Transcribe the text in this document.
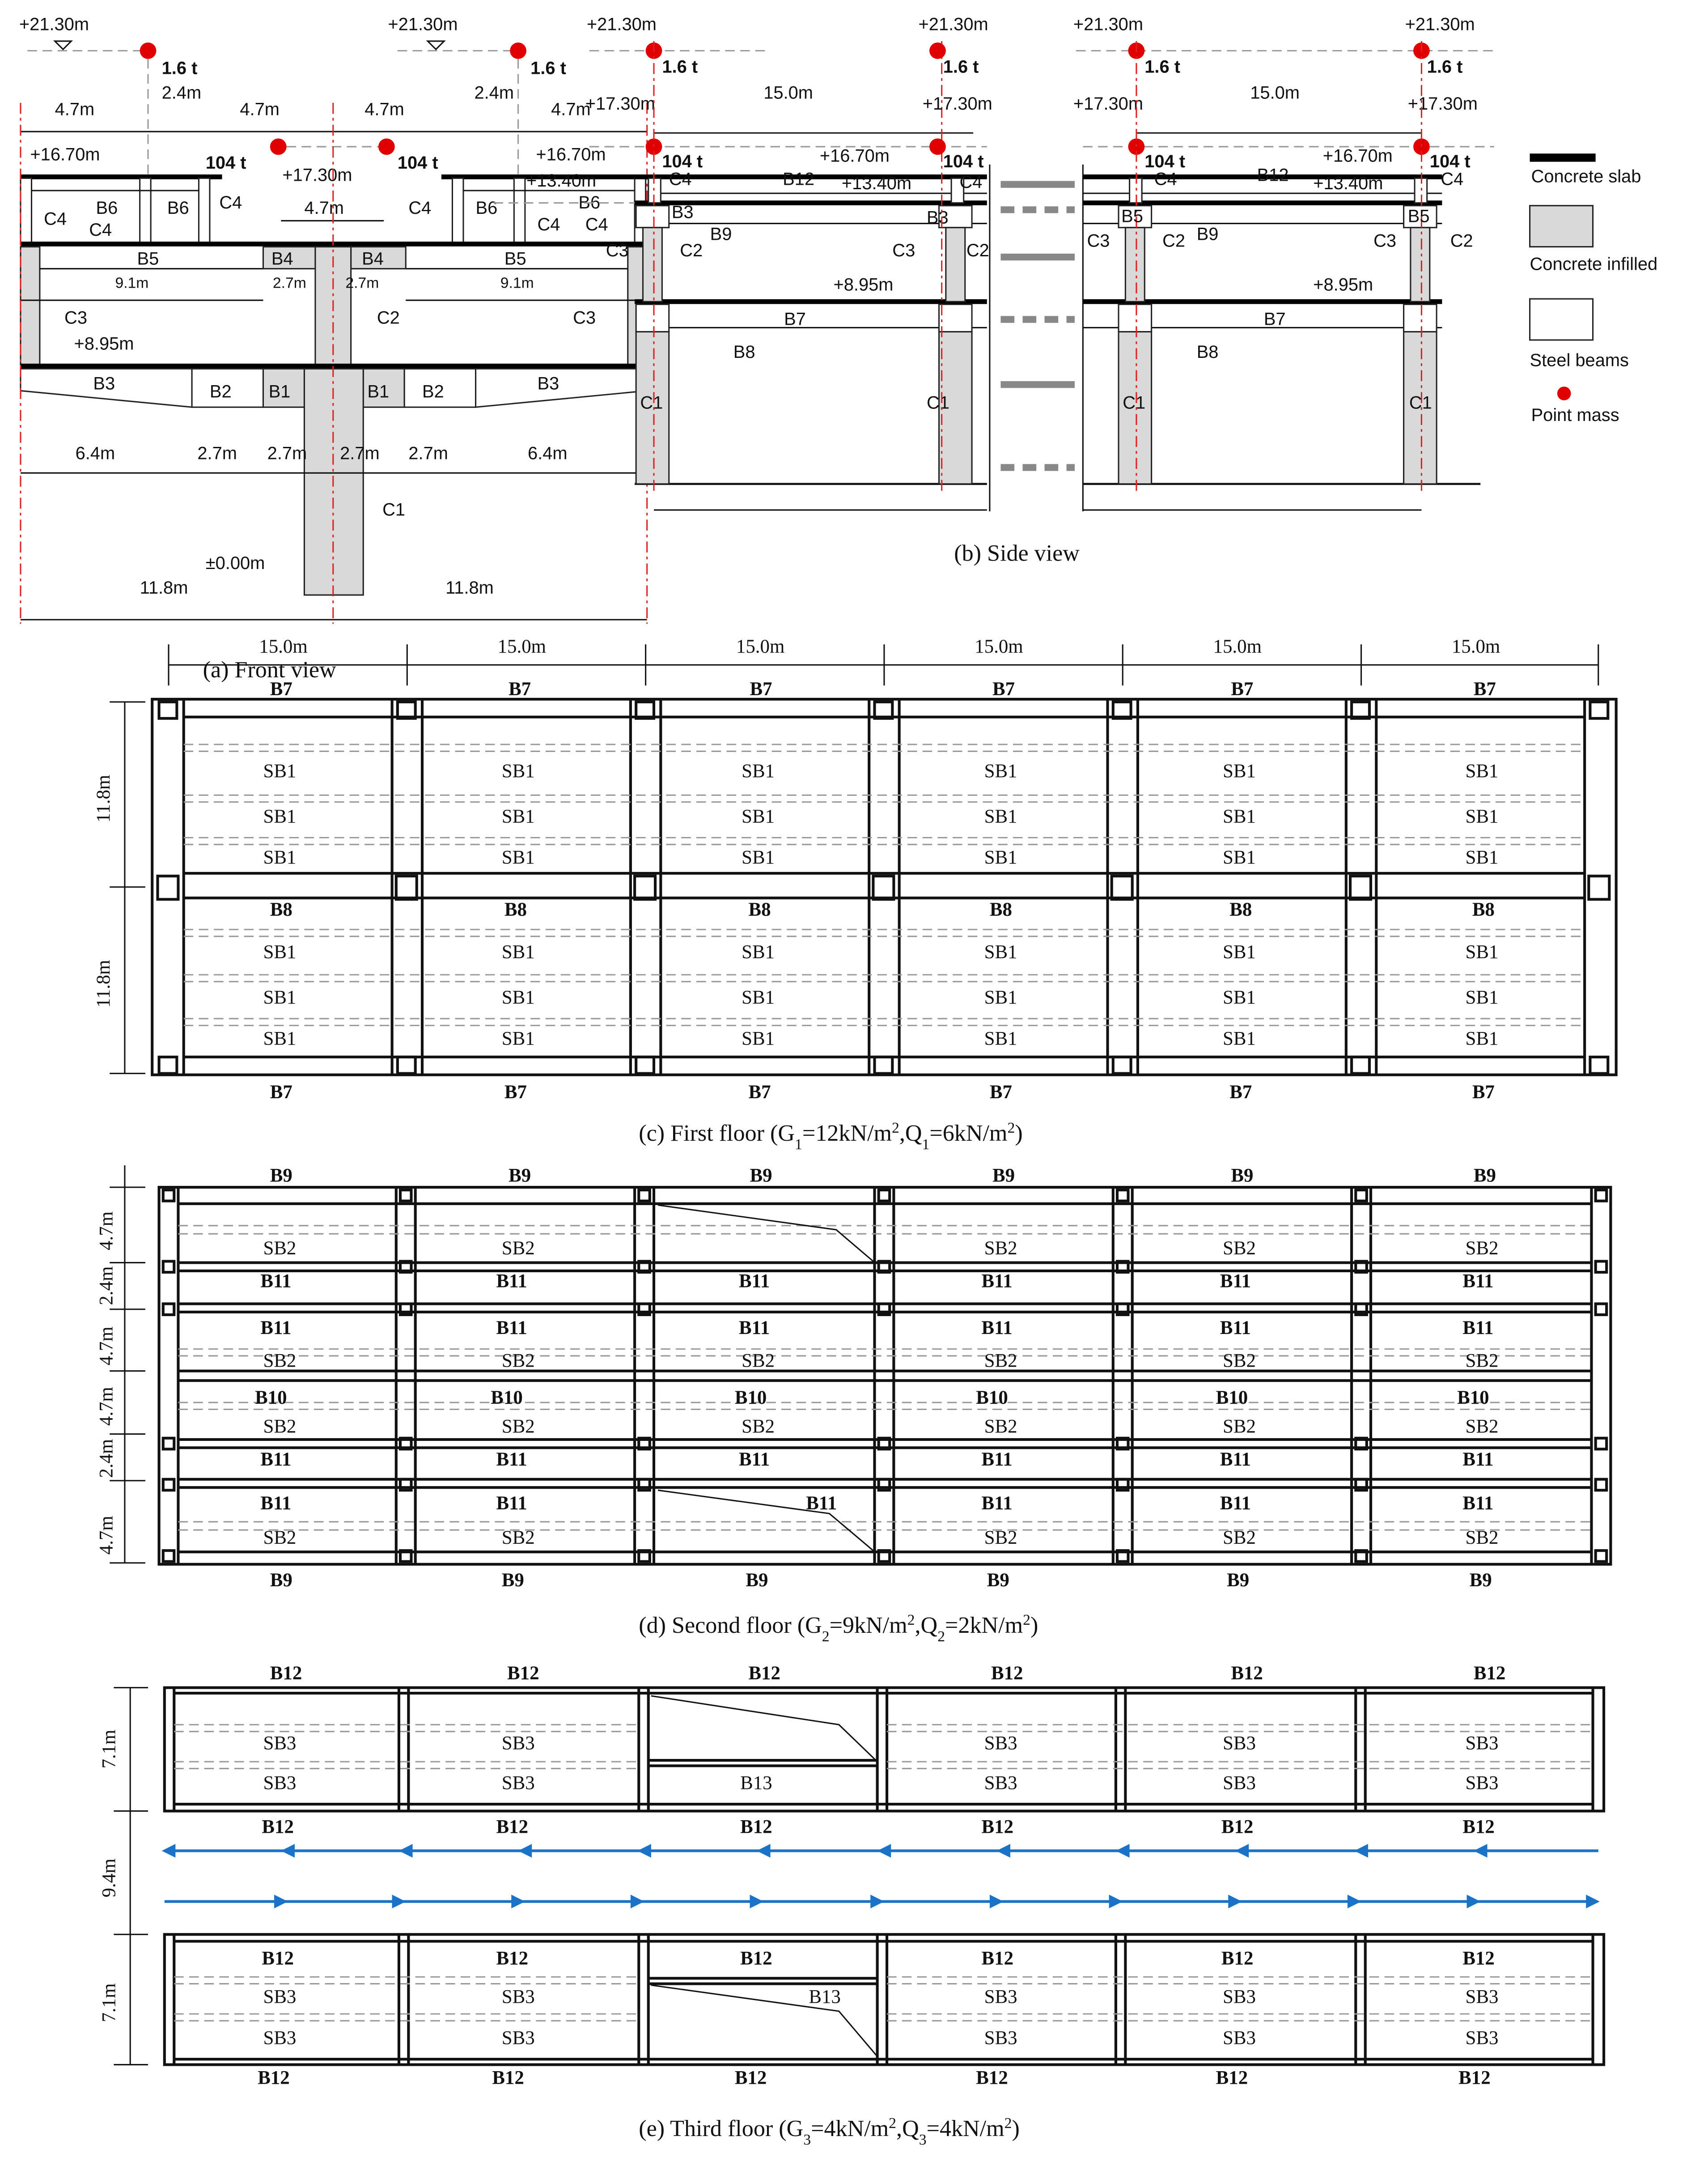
+21.30m	+21.30m
1.6 t	1.6 t
104 t	104 t
4.7m
2.4m
4.7m	4.7m
2.4m
4.7m
+16.70m	+16.70m
+17.30m
4.7m
C4
B6
C4
B6	C4	C4	B6
C4
B6
C4
B5	B4	B4	B5
9.1m	2.7m	2.7m	9.1m
C3	C2	C3
+8.95m
B3	B2	B1	B1	B2	B3
6.4m	2.7m	2.7m	2.7m	2.7m	6.4m
C1
±0.00m
11.8m	11.8m
(a) Front view
+21.30m
1.6 t
+17.30m
104 t
15.0m
+16.70m
+13.40m
B3	B3
C4	B12	+13.40m	C4
B9
C3	C2	C3	C2
+8.95m
B7
B8
C1	C1
+21.30m
1.6 t
+17.30m
104 t
+21.30m
1.6 t	1.6 t
+21.30m
+17.30m	+17.30m
104 t	104 t
15.0m
+16.70m
B5	B5
C4	B12	+13.40m	C4
B9
C3	C2	C3	C2
+8.95m
B7
B8
C1	C1
(b) Side view
Concrete slab
Concrete infilled
Steel beams
Point mass
15.0m	15.0m	15.0m	15.0m	15.0m	15.0m
11.8m
11.8m
SB1
SB1
SB1
SB1
SB1
SB1
SB1
SB1
SB1
SB1
SB1
SB1
SB1
SB1
SB1
SB1
SB1
SB1
SB1
SB1
SB1
SB1
SB1
SB1
SB1
SB1
SB1
SB1
SB1
SB1
SB1
SB1
SB1
SB1
SB1
SB1
B7	B7	B7	B7	B7	B7
B8	B8	B8	B8	B8	B8
B7	B7	B7	B7	B7	B7
(c) First floor $(G_1=12kN/m^2,Q_1=6kN/m^2)$
4.7m
2.4m
4.7m
4.7m
2.4m
4.7m
SB2	SB2	SB2	SB2	SB2
SB2	SB2	SB2	SB2	SB2	SB2
SB2	SB2	SB2	SB2	SB2	SB2
SB2	SB2	SB2	SB2	SB2
B9	B9	B9	B9	B9	B9
B11	B11	B11	B11	B11	B11
B11	B11	B11	B11	B11	B11
B10	B10	B10	B10	B10	B10
B11	B11	B11	B11	B11	B11
B11	B11	B11	B11	B11	B11
B9	B9	B9	B9	B9	B9
(d) Second floor $(G_2=9kN/m^2,Q_2=2kN/m^2)$
7.1m
9.4m
7.1m
SB3
SB3
SB3
SB3
SB3
SB3
SB3
SB3
SB3
SB3
SB3
SB3
SB3
SB3
SB3
SB3
SB3
SB3
SB3
SB3
B13
B13
B12	B12	B12	B12	B12	B12
B12	B12	B12	B12	B12	B12
B12	B12	B12	B12	B12	B12
B12	B12	B12	B12	B12	B12
(e) Third floor $(G_3=4kN/m^2,Q_3=4kN/m^2)$
